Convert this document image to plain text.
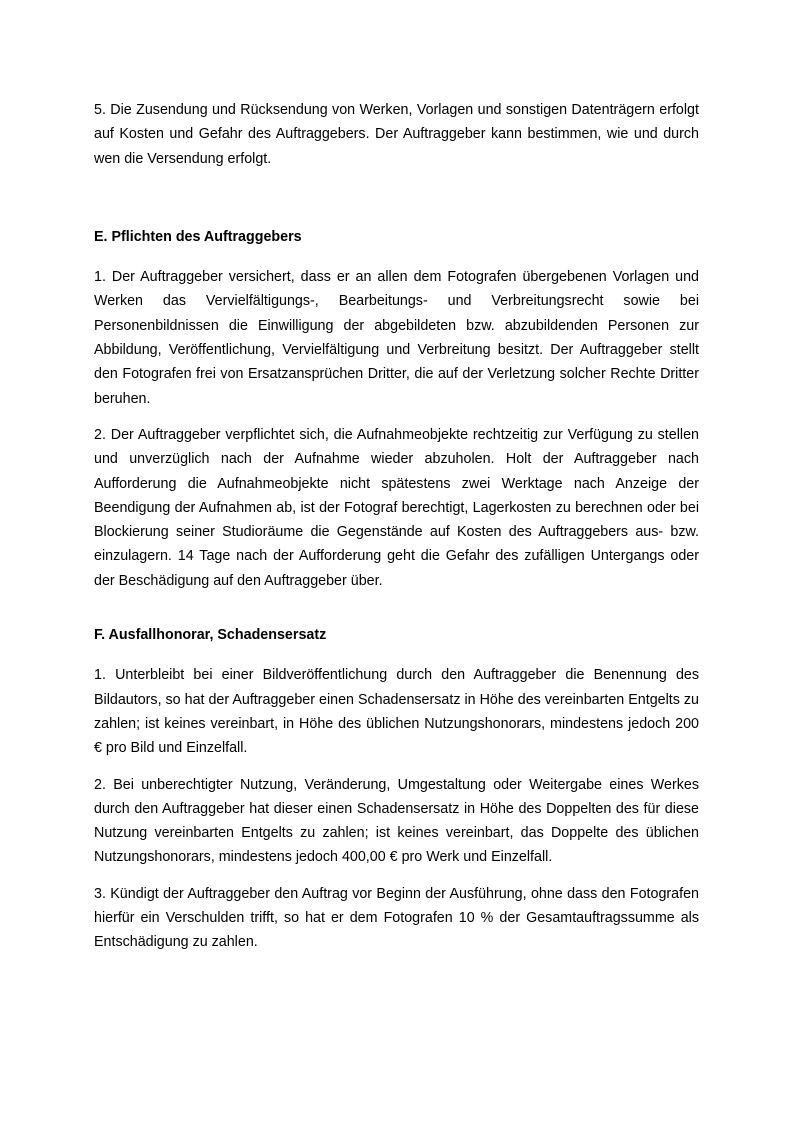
5. Die Zusendung und Rücksendung von Werken, Vorlagen und sonstigen Datenträgern erfolgt auf Kosten und Gefahr des Auftraggebers. Der Auftraggeber kann bestimmen, wie und durch wen die Versendung erfolgt.

E. Pflichten des Auftraggebers

1. Der Auftraggeber versichert, dass er an allen dem Fotografen übergebenen Vorlagen und Werken das Vervielfältigungs-, Bearbeitungs- und Verbreitungsrecht sowie bei Personenbildnissen die Einwilligung der abgebildeten bzw. abzubildenden Personen zur Abbildung, Veröffentlichung, Vervielfältigung und Verbreitung besitzt. Der Auftraggeber stellt den Fotografen frei von Ersatzansprüchen Dritter, die auf der Verletzung solcher Rechte Dritter beruhen.

2. Der Auftraggeber verpflichtet sich, die Aufnahmeobjekte rechtzeitig zur Verfügung zu stellen und unverzüglich nach der Aufnahme wieder abzuholen. Holt der Auftraggeber nach Aufforderung die Aufnahmeobjekte nicht spätestens zwei Werktage nach Anzeige der Beendigung der Aufnahmen ab, ist der Fotograf berechtigt, Lagerkosten zu berechnen oder bei Blockierung seiner Studioräume die Gegenstände auf Kosten des Auftraggebers aus- bzw. einzulagern. 14 Tage nach der Aufforderung geht die Gefahr des zufälligen Untergangs oder der Beschädigung auf den Auftraggeber über.

F. Ausfallhonorar, Schadensersatz

1. Unterbleibt bei einer Bildveröffentlichung durch den Auftraggeber die Benennung des Bildautors, so hat der Auftraggeber einen Schadensersatz in Höhe des vereinbarten Entgelts zu zahlen; ist keines vereinbart, in Höhe des üblichen Nutzungshonorars, mindestens jedoch 200 € pro Bild und Einzelfall.

2. Bei unberechtigter Nutzung, Veränderung, Umgestaltung oder Weitergabe eines Werkes durch den Auftraggeber hat dieser einen Schadensersatz in Höhe des Doppelten des für diese Nutzung vereinbarten Entgelts zu zahlen; ist keines vereinbart, das Doppelte des üblichen Nutzungshonorars, mindestens jedoch 400,00 € pro Werk und Einzelfall.

3. Kündigt der Auftraggeber den Auftrag vor Beginn der Ausführung, ohne dass den Fotografen hierfür ein Verschulden trifft, so hat er dem Fotografen 10 % der Gesamtauftragssumme als Entschädigung zu zahlen.
